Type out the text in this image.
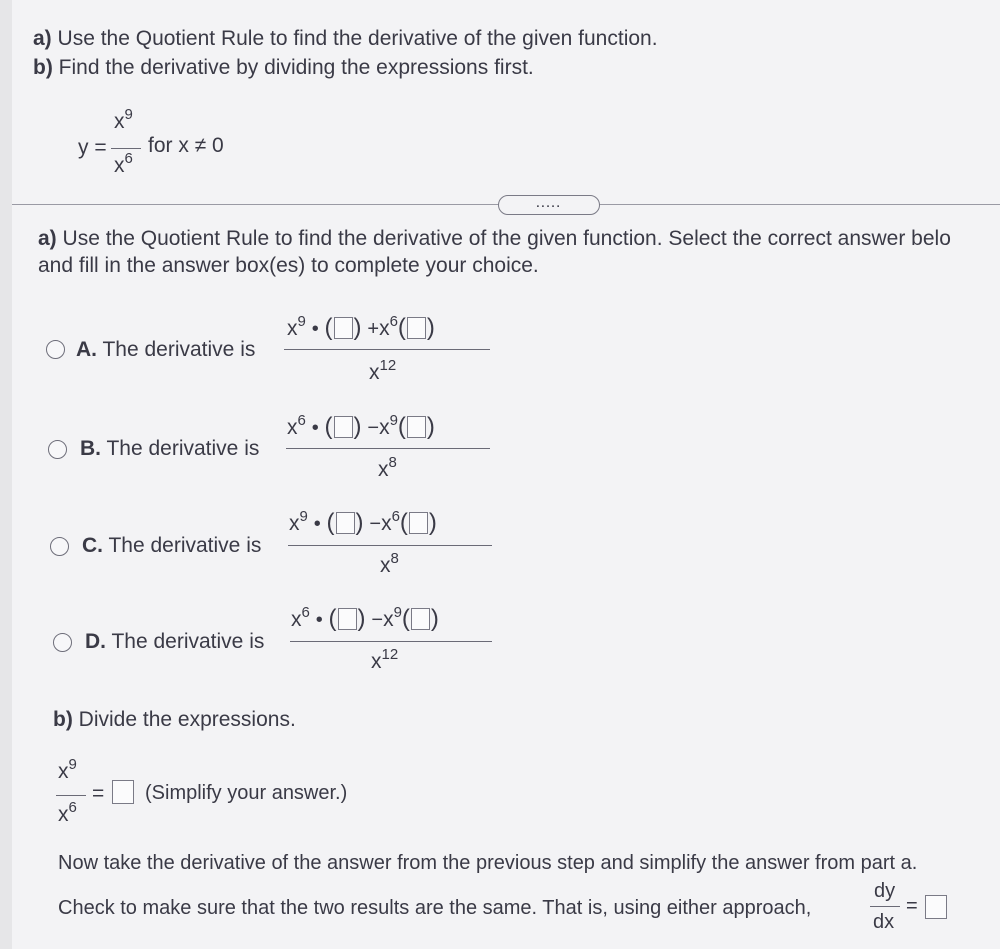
a) Use the Quotient Rule to find the derivative of the given function.
b) Find the derivative by dividing the expressions first.
y =
$x^9$
$x^6$
for x ≠ 0
.....
a) Use the Quotient Rule to find the derivative of the given function. Select the correct answer belo
and fill in the answer box(es) to complete your choice.
A. The derivative is
$x^9$ • ( ) $+x^6$( )
$x^{12}$
B. The derivative is
$x^6$ • ( ) $-x^9$( )
$x^8$
C. The derivative is
$x^9$ • ( ) $-x^6$( )
$x^8$
D. The derivative is
$x^6$ • ( ) $-x^9$( )
$x^{12}$
b) Divide the expressions.
$x^9$
$x^6$
= (Simplify your answer.)
Now take the derivative of the answer from the previous step and simplify the answer from part a.
Check to make sure that the two results are the same. That is, using either approach,
dy
dx
=
